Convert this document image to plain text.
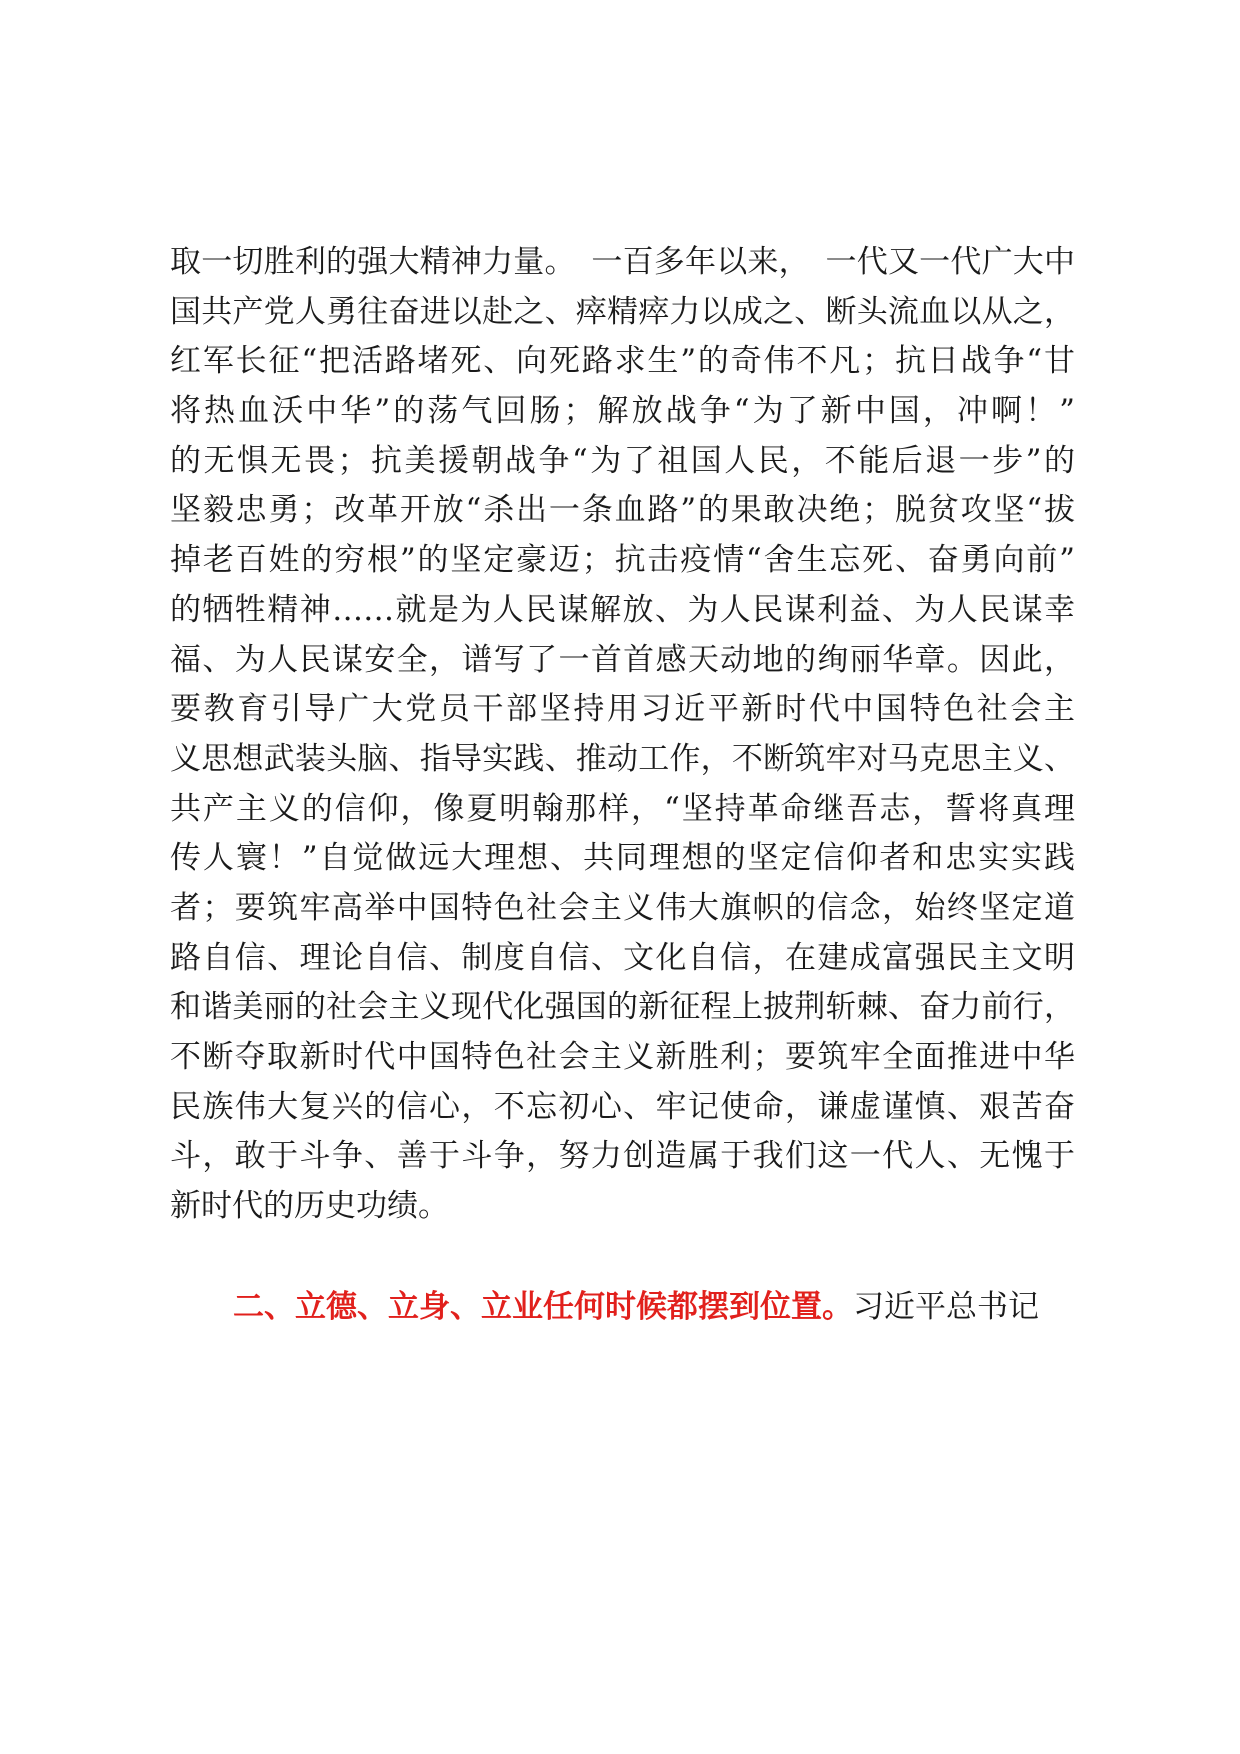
取一切胜利的强大精神力量。　一百多年以来，　一代又一代广大中
国共产党人勇往奋进以赴之、瘁精瘁力以成之、断头流血以从之，
红军长征“把活路堵死、向死路求生”的奇伟不凡；抗日战争“甘
将热血沃中华”的荡气回肠；解放战争“为了新中国，冲啊！”
的无惧无畏；抗美援朝战争“为了祖国人民，不能后退一步”的
坚毅忠勇；改革开放“杀出一条血路”的果敢决绝；脱贫攻坚“拔
掉老百姓的穷根”的坚定豪迈；抗击疫情“舍生忘死、奋勇向前”
的牺牲精神……就是为人民谋解放、为人民谋利益、为人民谋幸
福、为人民谋安全，谱写了一首首感天动地的绚丽华章。因此，
要教育引导广大党员干部坚持用习近平新时代中国特色社会主
义思想武装头脑、指导实践、推动工作，不断筑牢对马克思主义、
共产主义的信仰，像夏明翰那样，“坚持革命继吾志，誓将真理
传人寰！”自觉做远大理想、共同理想的坚定信仰者和忠实实践
者；要筑牢高举中国特色社会主义伟大旗帜的信念，始终坚定道
路自信、理论自信、制度自信、文化自信，在建成富强民主文明
和谐美丽的社会主义现代化强国的新征程上披荆斩棘、奋力前行，
不断夺取新时代中国特色社会主义新胜利；要筑牢全面推进中华
民族伟大复兴的信心，不忘初心、牢记使命，谦虚谨慎、艰苦奋
斗，敢于斗争、善于斗争，努力创造属于我们这一代人、无愧于
新时代的历史功绩。
二、立德、立身、立业任何时候都摆到位置。习近平总书记
